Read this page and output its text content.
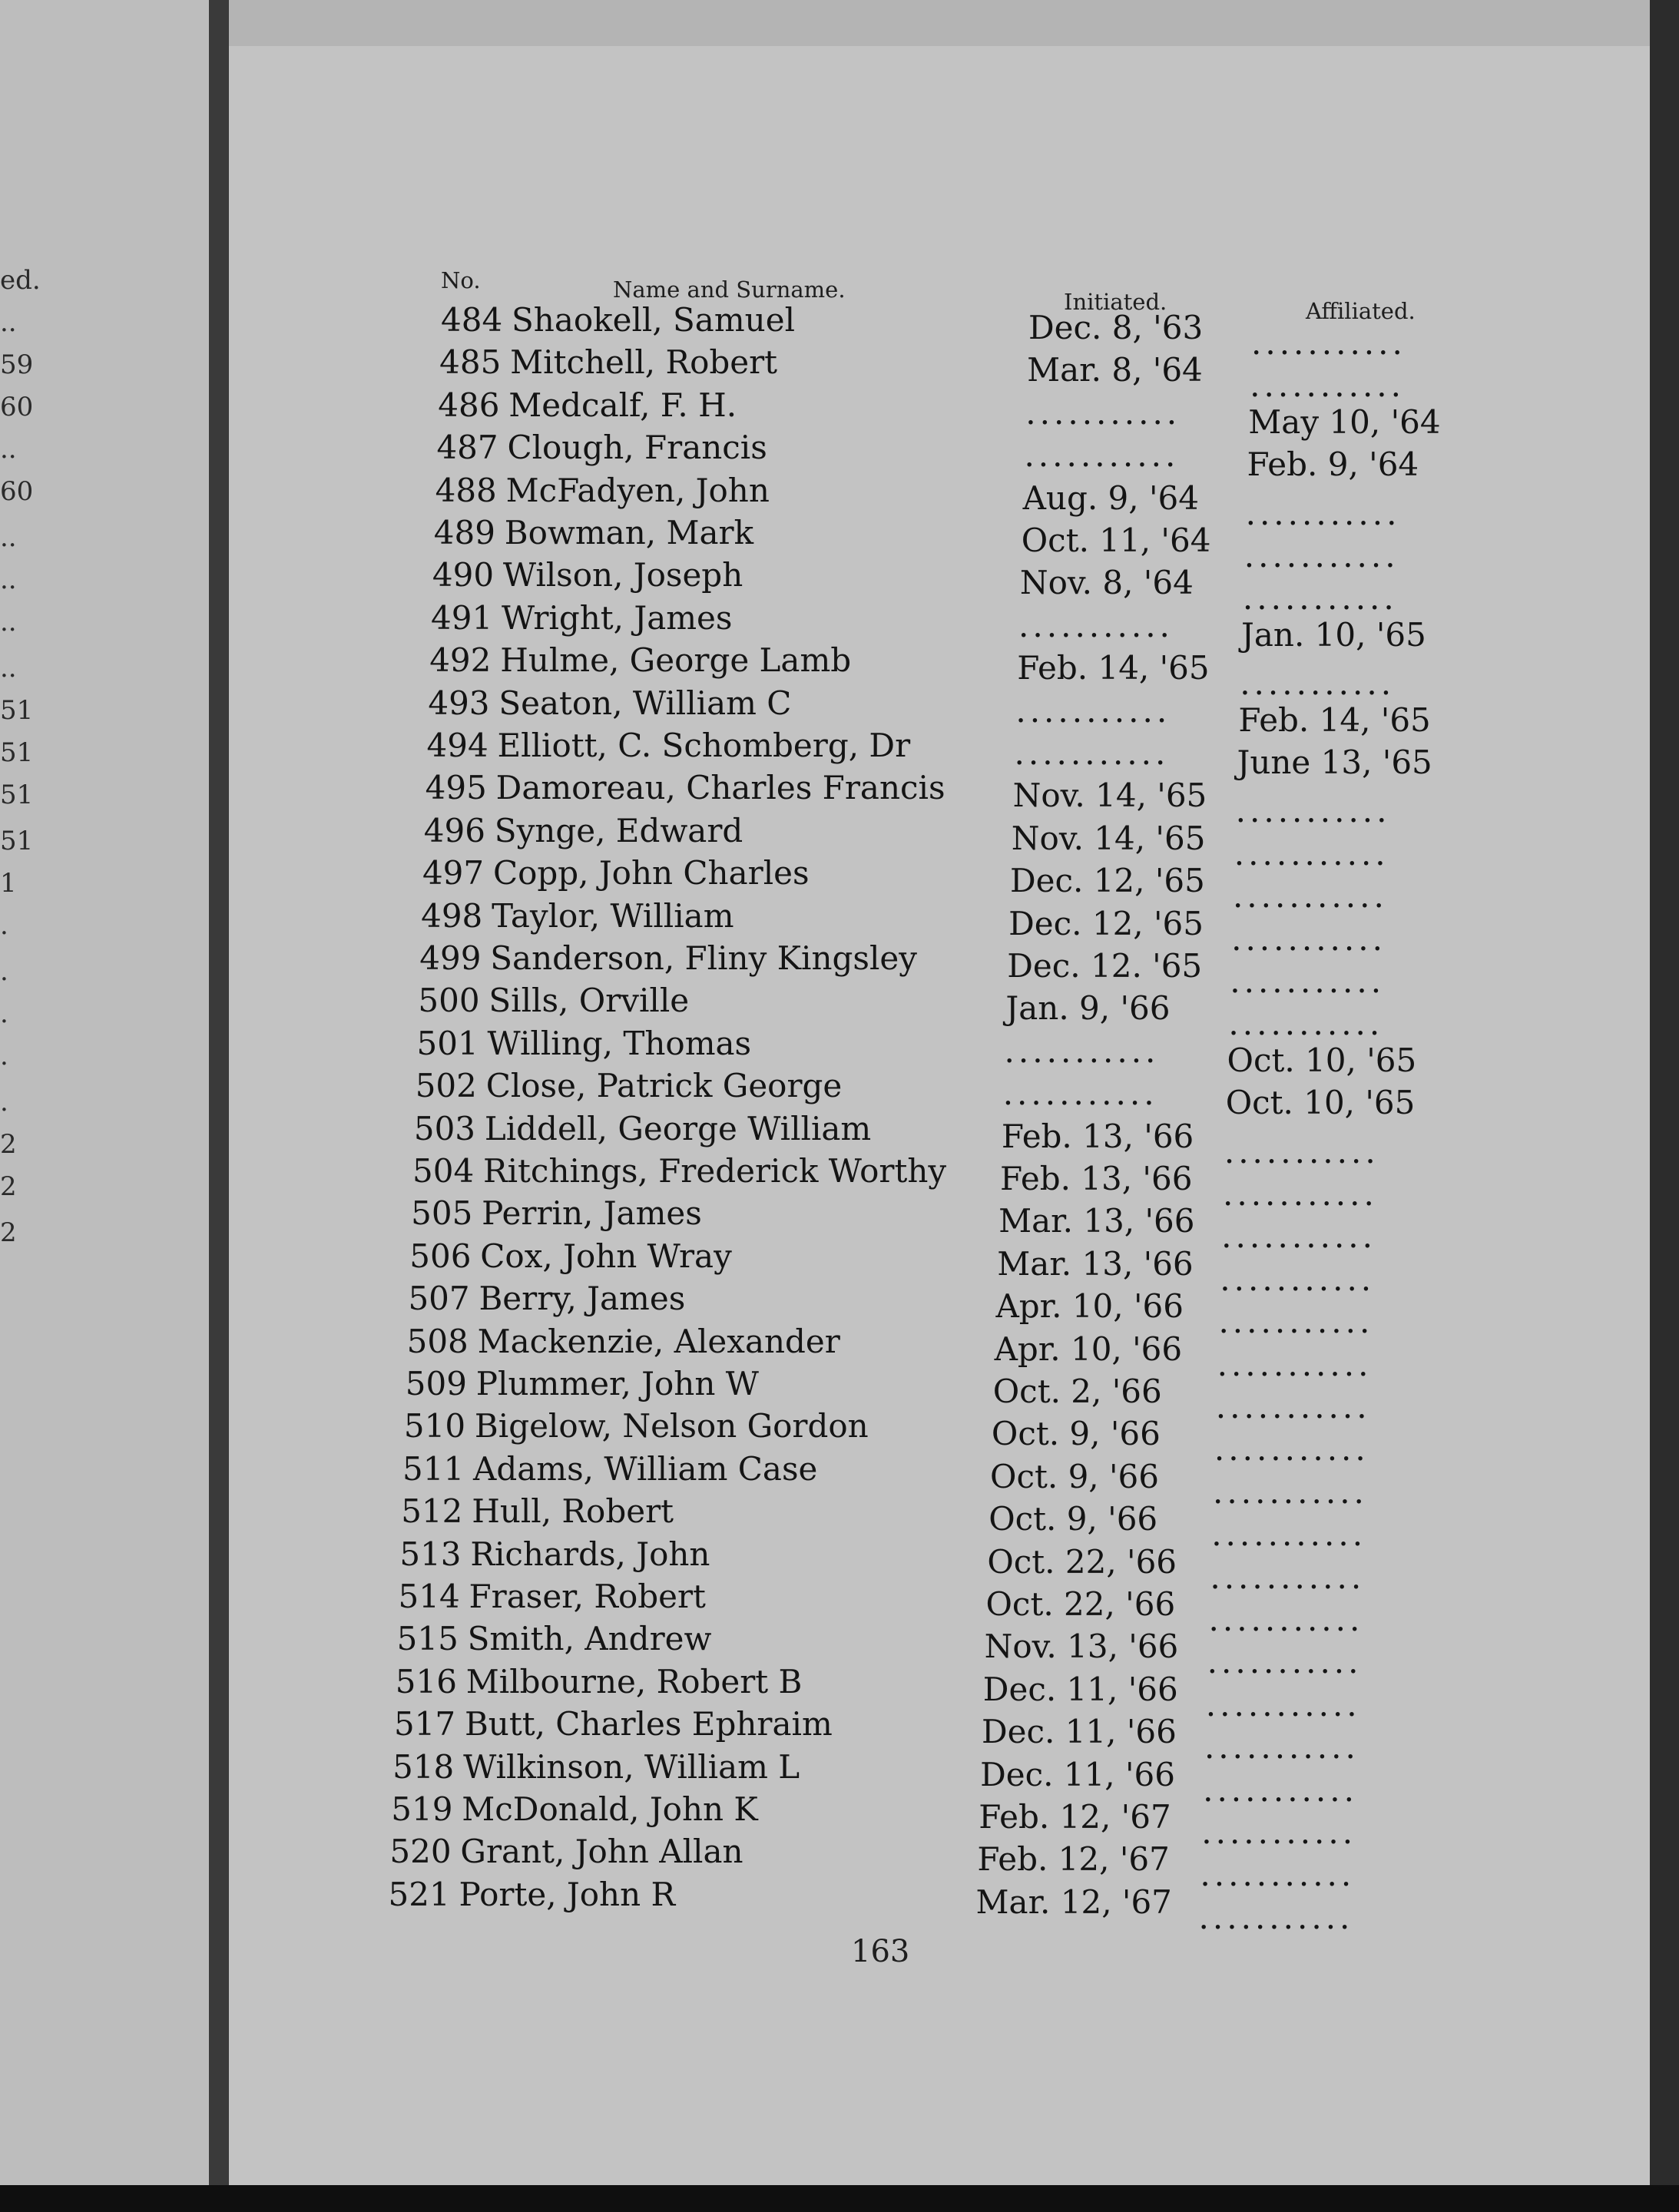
ed.
..
59
60
..
60
..
..
..
..
51
51
51
51
1
.
.
.
.
.
2
2
2
No.	Name and Surname.	Initiated.	Affiliated.
484 Shaokell, Samuel	Dec. 8, '63 ...........
485 Mitchell, Robert	Mar. 8, '64 ...........
486 Medcalf, F. H.	........... May 10, '64
487 Clough, Francis	........... Feb. 9, '64
488 McFadyen, John	Aug. 9, '64 ...........
489 Bowman, Mark	Oct. 11, '64 ...........
490 Wilson, Joseph	Nov. 8, '64 ...........
491 Wright, James	........... Jan. 10, '65
492 Hulme, George Lamb	Feb. 14, '65 ...........
493 Seaton, William C	........... Feb. 14, '65
494 Elliott, C. Schomberg, Dr	........... June 13, '65
495 Damoreau, Charles Francis Nov. 14, '65 ...........
496 Synge, Edward	Nov. 14, '65 ...........
497 Copp, John Charles	Dec. 12, '65 ...........
498 Taylor, William	Dec. 12, '65 ...........
499 Sanderson, Fliny Kingsley	Dec. 12. '65 ...........
500 Sills, Orville	Jan. 9, '66 ...........
501 Willing, Thomas	........... Oct. 10, '65
502 Close, Patrick George	........... Oct. 10, '65
503 Liddell, George William	Feb. 13, '66 ...........
504 Ritchings, Frederick Worthy Feb. 13, '66 ...........
505 Perrin, James	Mar. 13, '66 ...........
506 Cox, John Wray	Mar. 13, '66 ...........
507 Berry, James	Apr. 10, '66 ...........
508 Mackenzie, Alexander	Apr. 10, '66 ...........
509 Plummer, John W	Oct. 2, '66 ...........
510 Bigelow, Nelson Gordon	Oct. 9, '66 ...........
511 Adams, William Case	Oct. 9, '66 ...........
512 Hull, Robert	Oct. 9, '66 ...........
513 Richards, John	Oct. 22, '66 ...........
514 Fraser, Robert	Oct. 22, '66 ...........
515 Smith, Andrew	Nov. 13, '66 ...........
516 Milbourne, Robert B	Dec. 11, '66 ...........
517 Butt, Charles Ephraim	Dec. 11, '66 ...........
518 Wilkinson, William L	Dec. 11, '66 ...........
519 McDonald, John K	Feb. 12, '67 ...........
520 Grant, John Allan	Feb. 12, '67 ...........
521 Porte, John R	Mar. 12, '67 ...........
163
